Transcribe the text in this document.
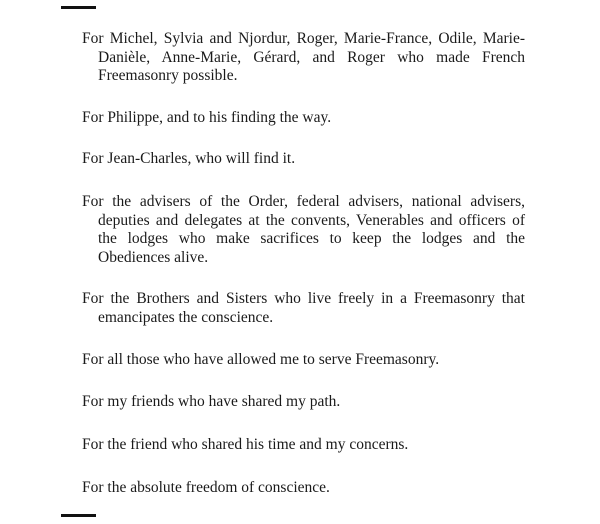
For Michel, Sylvia and Njordur, Roger, Marie-France, Odile, Marie-Danièle, Anne-Marie, Gérard, and Roger who made French Freemasonry possible.

For Philippe, and to his finding the way.

For Jean-Charles, who will find it.

For the advisers of the Order, federal advisers, national advisers, deputies and delegates at the convents, Venerables and officers of the lodges who make sacrifices to keep the lodges and the Obediences alive.

For the Brothers and Sisters who live freely in a Freemasonry that emancipates the conscience.

For all those who have allowed me to serve Freemasonry.

For my friends who have shared my path.

For the friend who shared his time and my concerns.

For the absolute freedom of conscience.
